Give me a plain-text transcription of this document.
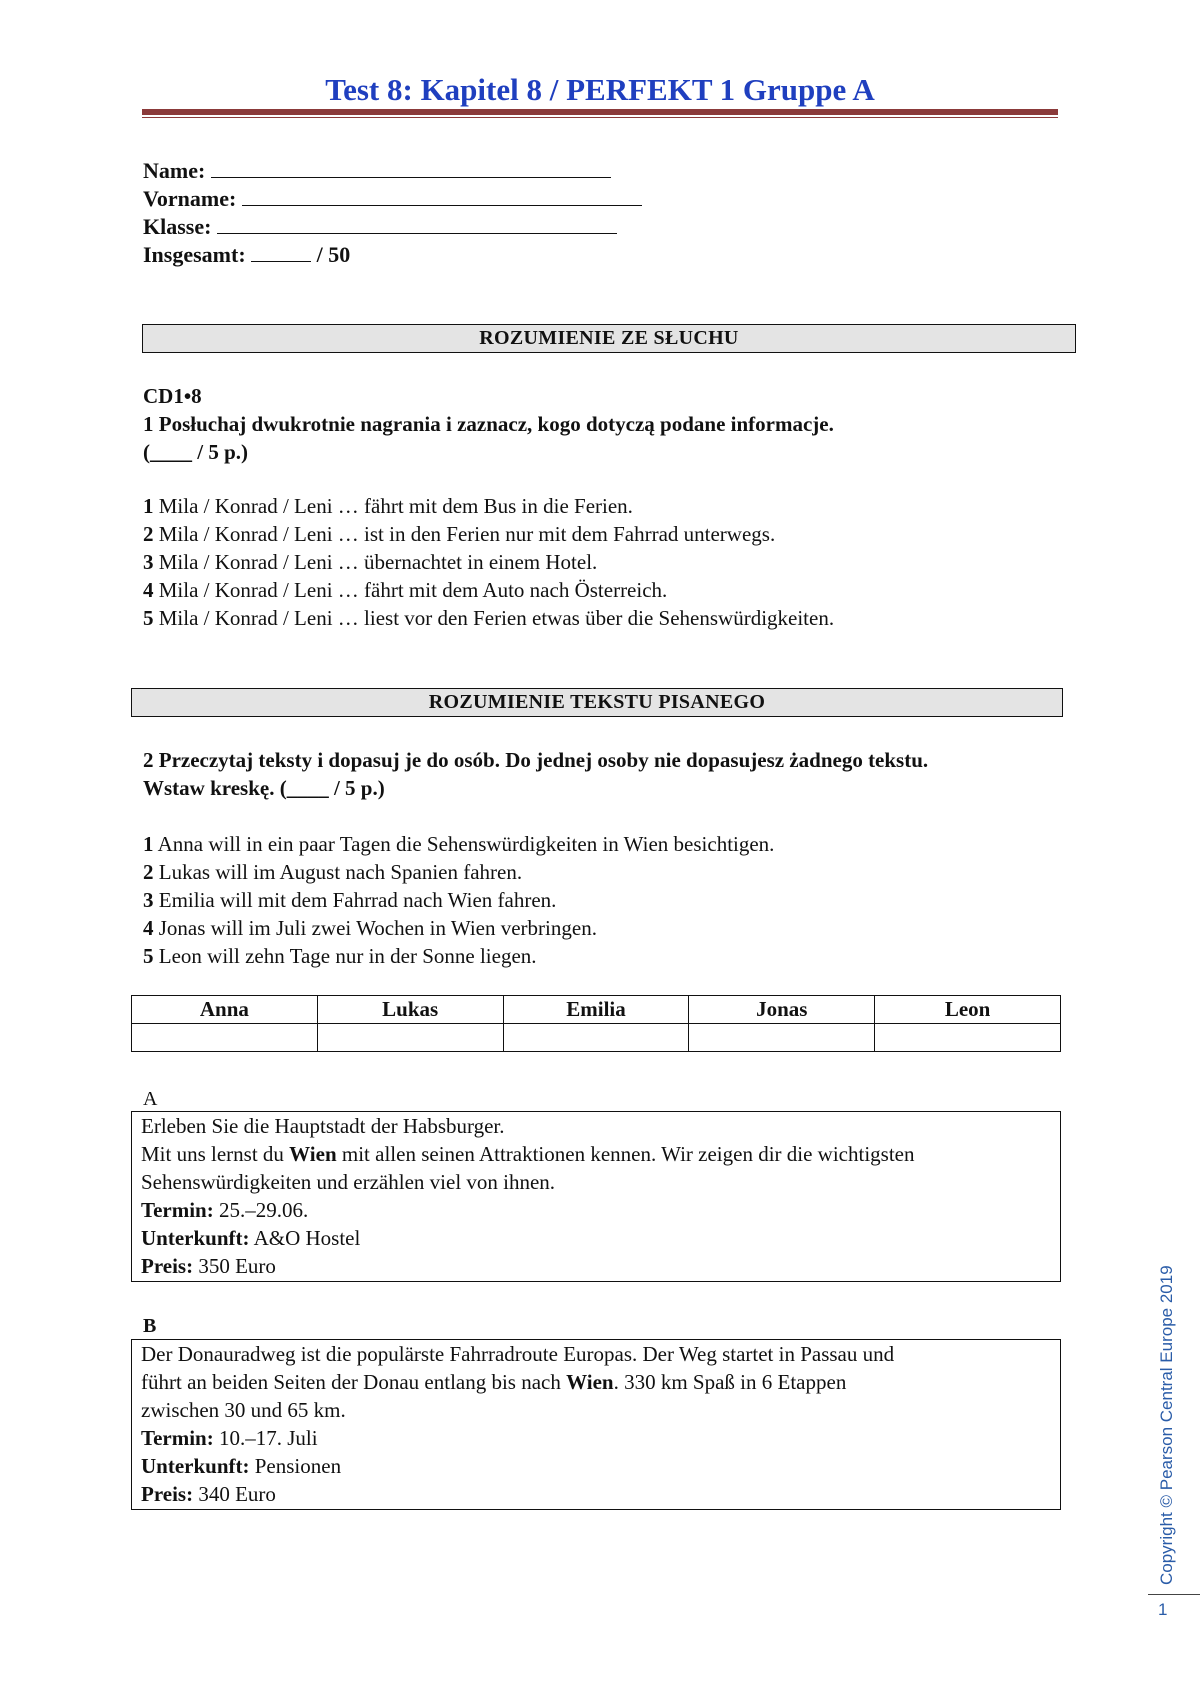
Test 8: Kapitel 8 / PERFEKT 1 Gruppe A
Name:
Vorname:
Klasse:
Insgesamt:	/ 50
ROZUMIENIE ZE SŁUCHU
CD1•8
1 Posłuchaj dwukrotnie nagrania i zaznacz, kogo dotyczą podane informacje.
(____ / 5 p.)
1 Mila / Konrad / Leni … fährt mit dem Bus in die Ferien.
2 Mila / Konrad / Leni … ist in den Ferien nur mit dem Fahrrad unterwegs.
3 Mila / Konrad / Leni … übernachtet in einem Hotel.
4 Mila / Konrad / Leni … fährt mit dem Auto nach Österreich.
5 Mila / Konrad / Leni … liest vor den Ferien etwas über die Sehenswürdigkeiten.
ROZUMIENIE TEKSTU PISANEGO
2 Przeczytaj teksty i dopasuj je do osób. Do jednej osoby nie dopasujesz żadnego tekstu.
Wstaw kreskę. (____ / 5 p.)
1 Anna will in ein paar Tagen die Sehenswürdigkeiten in Wien besichtigen.
2 Lukas will im August nach Spanien fahren.
3 Emilia will mit dem Fahrrad nach Wien fahren.
4 Jonas will im Juli zwei Wochen in Wien verbringen.
5 Leon will zehn Tage nur in der Sonne liegen.
Anna	Lukas	Emilia	Jonas	Leon

A
Erleben Sie die Hauptstadt der Habsburger.
Mit uns lernst du Wien mit allen seinen Attraktionen kennen. Wir zeigen dir die wichtigsten
Sehenswürdigkeiten und erzählen viel von ihnen.
Termin: 25.–29.06.
Unterkunft: A&O Hostel
Preis: 350 Euro
B
Der Donauradweg ist die populärste Fahrradroute Europas. Der Weg startet in Passau und
führt an beiden Seiten der Donau entlang bis nach Wien. 330 km Spaß in 6 Etappen
zwischen 30 und 65 km.
Termin: 10.–17. Juli
Unterkunft: Pensionen
Preis: 340 Euro	Copyright © Pearson Central Europe 2019
1
